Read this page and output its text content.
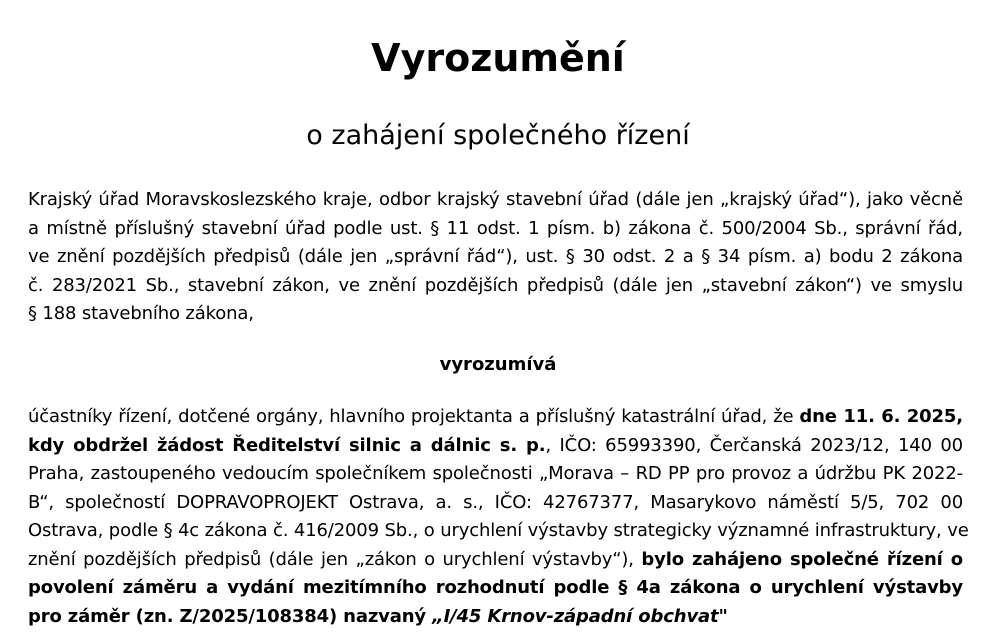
Vyrozumění
o zahájení společného řízení
Krajský úřad Moravskoslezského kraje, odbor krajský stavební úřad (dále jen „krajský úřad“), jako věcně
a místně příslušný stavební úřad podle ust. § 11 odst. 1 písm. b) zákona č. 500/2004 Sb., správní řád,
ve znění pozdějších předpisů (dále jen „správní řád“), ust. § 30 odst. 2 a § 34 písm. a) bodu 2 zákona
č. 283/2021 Sb., stavební zákon, ve znění pozdějších předpisů (dále jen „stavební zákon“) ve smyslu
§ 188 stavebního zákona,
vyrozumívá
účastníky řízení, dotčené orgány, hlavního projektanta a příslušný katastrální úřad, že dne 11. 6. 2025,
kdy obdržel žádost Ředitelství silnic a dálnic s. p., IČO: 65993390, Čerčanská 2023/12, 140 00
Praha, zastoupeného vedoucím společníkem společnosti „Morava – RD PP pro provoz a údržbu PK 2022-
B“, společností DOPRAVOPROJEKT Ostrava, a. s., IČO: 42767377, Masarykovo náměstí 5/5, 702 00
Ostrava, podle § 4c zákona č. 416/2009 Sb., o urychlení výstavby strategicky významné infrastruktury, ve
znění pozdějších předpisů (dále jen „zákon o urychlení výstavby“), bylo zahájeno společné řízení o
povolení záměru a vydání mezitímního rozhodnutí podle § 4a zákona o urychlení výstavby
pro záměr (zn. Z/2025/108384) nazvaný „I/45 Krnov-západní obchvat"
